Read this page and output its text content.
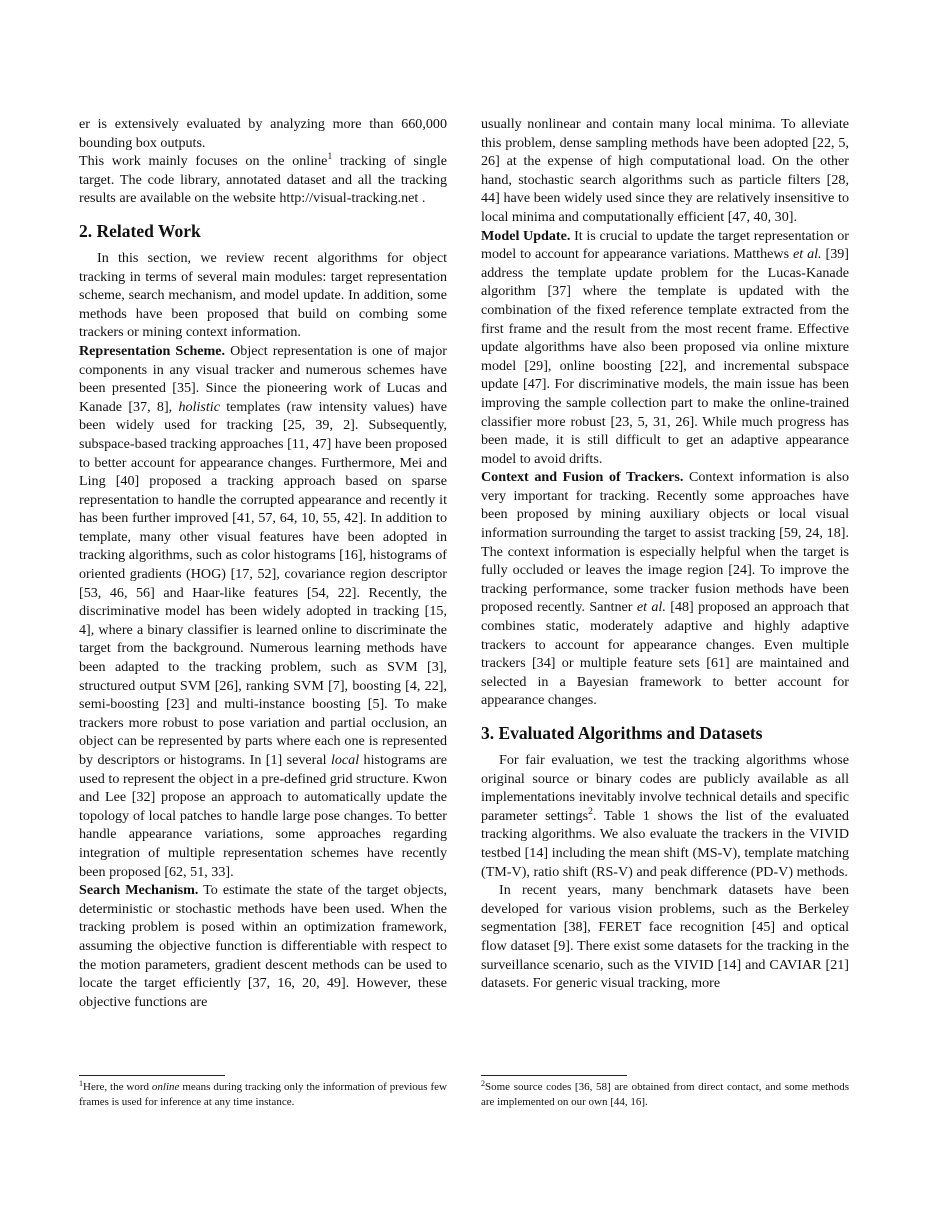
er is extensively evaluated by analyzing more than 660,000 bounding box outputs.

This work mainly focuses on the online$^1$ tracking of single target. The code library, annotated dataset and all the tracking results are available on the website http://visual-tracking.net .

2. Related Work

In this section, we review recent algorithms for object tracking in terms of several main modules: target representation scheme, search mechanism, and model update. In addition, some methods have been proposed that build on combing some trackers or mining context information.

Representation Scheme. Object representation is one of major components in any visual tracker and numerous schemes have been presented [35]. Since the pioneering work of Lucas and Kanade [37, 8], holistic templates (raw intensity values) have been widely used for tracking [25, 39, 2]. Subsequently, subspace-based tracking approaches [11, 47] have been proposed to better account for appearance changes. Furthermore, Mei and Ling [40] proposed a tracking approach based on sparse representation to handle the corrupted appearance and recently it has been further improved [41, 57, 64, 10, 55, 42]. In addition to template, many other visual features have been adopted in tracking algorithms, such as color histograms [16], histograms of oriented gradients (HOG) [17, 52], covariance region descriptor [53, 46, 56] and Haar-like features [54, 22]. Recently, the discriminative model has been widely adopted in tracking [15, 4], where a binary classifier is learned online to discriminate the target from the background. Numerous learning methods have been adapted to the tracking problem, such as SVM [3], structured output SVM [26], ranking SVM [7], boosting [4, 22], semi-boosting [23] and multi-instance boosting [5]. To make trackers more robust to pose variation and partial occlusion, an object can be represented by parts where each one is represented by descriptors or histograms. In [1] several local histograms are used to represent the object in a pre-defined grid structure. Kwon and Lee [32] propose an approach to automatically update the topology of local patches to handle large pose changes. To better handle appearance variations, some approaches regarding integration of multiple representation schemes have recently been proposed [62, 51, 33].

Search Mechanism. To estimate the state of the target objects, deterministic or stochastic methods have been used. When the tracking problem is posed within an optimization framework, assuming the objective function is differentiable with respect to the motion parameters, gradient descent methods can be used to locate the target efficiently [37, 16, 20, 49]. However, these objective functions are

$^1$Here, the word online means during tracking only the information of previous few frames is used for inference at any time instance.

usually nonlinear and contain many local minima. To alleviate this problem, dense sampling methods have been adopted [22, 5, 26] at the expense of high computational load. On the other hand, stochastic search algorithms such as particle filters [28, 44] have been widely used since they are relatively insensitive to local minima and computationally efficient [47, 40, 30].

Model Update. It is crucial to update the target representation or model to account for appearance variations. Matthews et al. [39] address the template update problem for the Lucas-Kanade algorithm [37] where the template is updated with the combination of the fixed reference template extracted from the first frame and the result from the most recent frame. Effective update algorithms have also been proposed via online mixture model [29], online boosting [22], and incremental subspace update [47]. For discriminative models, the main issue has been improving the sample collection part to make the online-trained classifier more robust [23, 5, 31, 26]. While much progress has been made, it is still difficult to get an adaptive appearance model to avoid drifts.

Context and Fusion of Trackers. Context information is also very important for tracking. Recently some approaches have been proposed by mining auxiliary objects or local visual information surrounding the target to assist tracking [59, 24, 18]. The context information is especially helpful when the target is fully occluded or leaves the image region [24]. To improve the tracking performance, some tracker fusion methods have been proposed recently. Santner et al. [48] proposed an approach that combines static, moderately adaptive and highly adaptive trackers to account for appearance changes. Even multiple trackers [34] or multiple feature sets [61] are maintained and selected in a Bayesian framework to better account for appearance changes.

3. Evaluated Algorithms and Datasets

For fair evaluation, we test the tracking algorithms whose original source or binary codes are publicly available as all implementations inevitably involve technical details and specific parameter settings$^2$. Table 1 shows the list of the evaluated tracking algorithms. We also evaluate the trackers in the VIVID testbed [14] including the mean shift (MS-V), template matching (TM-V), ratio shift (RS-V) and peak difference (PD-V) methods.

In recent years, many benchmark datasets have been developed for various vision problems, such as the Berkeley segmentation [38], FERET face recognition [45] and optical flow dataset [9]. There exist some datasets for the tracking in the surveillance scenario, such as the VIVID [14] and CAVIAR [21] datasets. For generic visual tracking, more

$^2$Some source codes [36, 58] are obtained from direct contact, and some methods are implemented on our own [44, 16].
